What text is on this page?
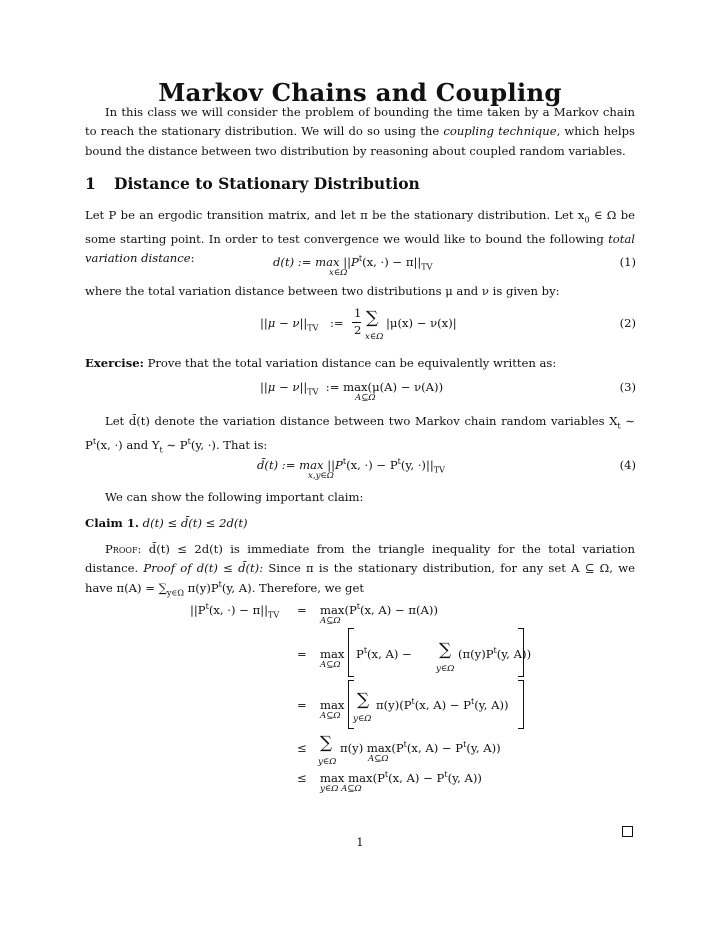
Markov Chains and Coupling
In this class we will consider the problem of bounding the time taken by a Markov chain to reach the stationary distribution. We will do so using the coupling technique, which helps bound the distance between two distribution by reasoning about coupled random variables.
1 Distance to Stationary Distribution
Let P be an ergodic transition matrix, and let π be the stationary distribution. Let $x_0$ ∈ Ω be some starting point. In order to test convergence we would like to bound the following total variation distance:	d(t) := $\max ||P^t(x$, ·) − $\pi||_{TV}$
x∈Ω
(1)
where the total variation distance between two distributions μ and ν is given by:
$||\mu - \nu||_{TV}$ :=
1
2
∑
x∈Ω
|μ(x) − ν(x)|	(2)
Exercise: Prove that the total variation distance can be equivalently written as:
$||\mu - \nu||_{TV}$ := max(μ(A) − ν(A))
A⊆Ω
(3)
Let d̄(t) denote the variation distance between two Markov chain random variables $X_t$ ∼ $P^t(x$, ·) and $Y_t$ ∼ $P^t(y$, ·). That is:
d̄(t) := $\max ||P^t(x$, ·) − $P^t(y$, $\cdot)||_{TV}$
x,y∈Ω
(4)
We can show the following important claim:
Claim 1. d(t) ≤ d̄(t) ≤ 2d(t)
Proof: d̄(t) ≤ 2d(t) is immediate from the triangle inequality for the total variation distance. Proof of d(t) ≤ d̄(t): Since π is the stationary distribution, for any set A ⊆ Ω, we have $\pi(A) = \sum_{y\in\Omega}$ $\pi(y)P^t(y$, A). Therefore, we get
$||P^t(x$, ·) − $\pi||_{TV} = \max(P^t(x$, A) − π(A))
A⊆Ω
= max
A⊆Ω
$P^t(x$, A) − ∑
y∈Ω
($\pi(y)P^t(y$, A))
= max
A⊆Ω
∑
y∈Ω
$\pi(y)(P^t(x$, $A) - P^t(y$, A))
≤ ∑
y∈Ω
π(y) $\max(P^t(x$, $A) - P^t(y$, A))
A⊆Ω
≤ $\max \max(P^t(x$, $A) - P^t(y$, A))
y∈Ω A⊆Ω
1
